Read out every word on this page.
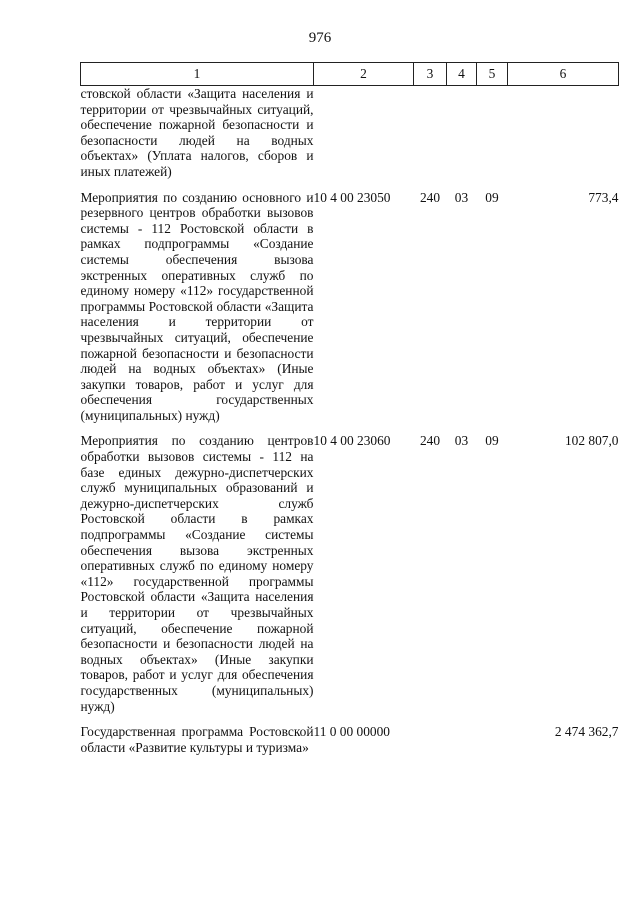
976
1	2	3	4	5	6
стовской области «Защита населения и территории от чрезвычайных ситуаций, обеспечение пожарной безопасности и безопасности людей на водных объектах» (Уплата налогов, сборов и иных платежей)					
Мероприятия по созданию основного и резервного центров обработки вызовов системы - 112 Ростовской области в рамках подпрограммы «Создание системы обеспечения вызова экстренных оперативных служб по единому номеру «112» государственной программы Ростовской области «Защита населения и территории от чрезвычайных ситуаций, обеспечение пожарной безопасности и безопасности людей на водных объектах» (Иные закупки товаров, работ и услуг для обеспечения государственных (муниципальных) нужд)	10 4 00 23050	240	03	09	773,4
Мероприятия по созданию центров обработки вызовов системы - 112 на базе единых дежурно-диспетчерских служб муниципальных образований и дежурно-диспетчерских служб Ростовской области в рамках подпрограммы «Создание системы обеспечения вызова экстренных оперативных служб по единому номеру «112» государственной программы Ростовской области «Защита населения и территории от чрезвычайных ситуаций, обеспечение пожарной безопасности и безопасности людей на водных объектах» (Иные закупки товаров, работ и услуг для обеспечения государственных (муниципальных) нужд)	10 4 00 23060	240	03	09	102 807,0
Государственная программа Ростовской области «Развитие культуры и туризма»	11 0 00 00000				2 474 362,7
